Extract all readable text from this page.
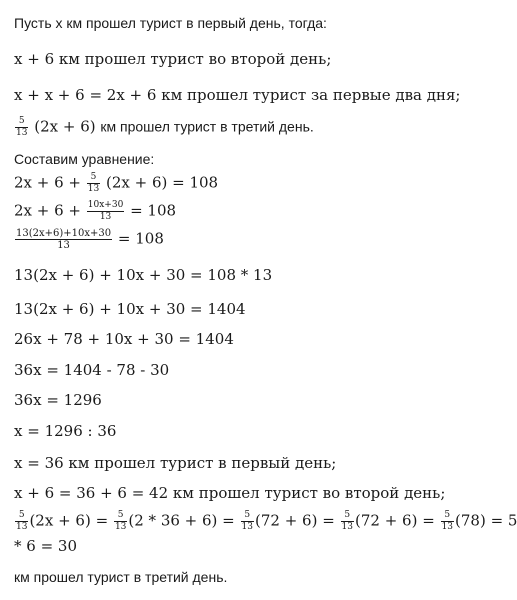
Пусть x км прошел турист в первый день, тогда:
x + 6 км прошел турист во второй день;
x + x + 6 = 2x + 6 км прошел турист за первые два дня;
$\frac{5}{13} (2x + 6)$ км прошел турист в третий день.
Составим уравнение:
$2x + 6 + \frac{5}{13} (2x + 6) = 108$
$2x + 6 + \frac{10x+30}{13} = 108$
$\frac{13(2x+6)+10x+30}{13} = 108$
13(2x + 6) + 10x + 30 = 108 * 13
13(2x + 6) + 10x + 30 = 1404
26x + 78 + 10x + 30 = 1404
36x = 1404 - 78 - 30
36x = 1296
x = 1296 : 36
x = 36 км прошел турист в первый день;
x + 6 = 36 + 6 = 42 км прошел турист во второй день;
$\frac{5}{13} (2x + 6) = \frac{5}{13} (2 * 36 + 6) = \frac{5}{13} (72 + 6) = \frac{5}{13} (72 + 6) = \frac{5}{13} (78) = 5$
* 6 = 30
км прошел турист в третий день.
